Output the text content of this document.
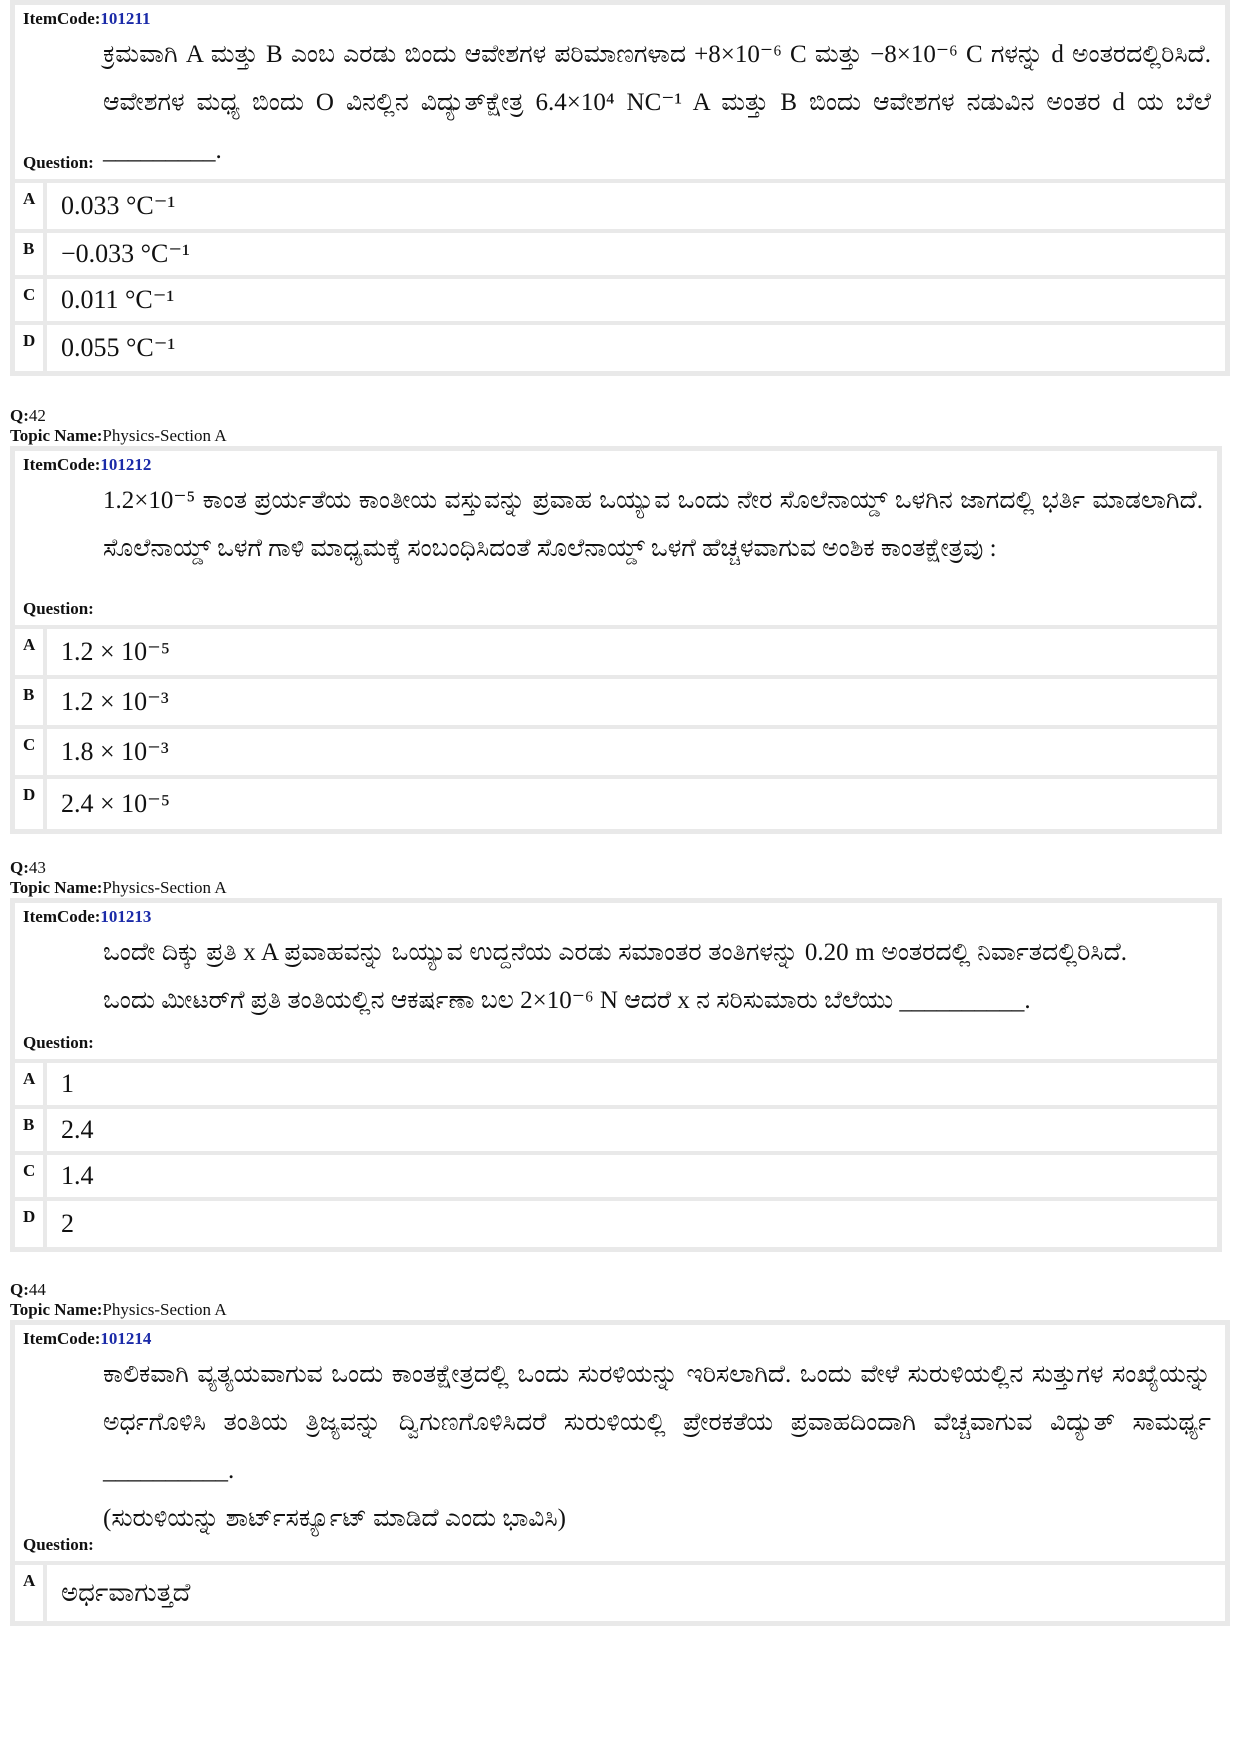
ItemCode:101211
ಕ್ರಮವಾಗಿ A ಮತ್ತು B ಎಂಬ ಎರಡು ಬಿಂದು ಆವೇಶಗಳ ಪರಿಮಾಣಗಳಾದ +8×10⁻⁶ C ಮತ್ತು −8×10⁻⁶ C ಗಳನ್ನು d ಅಂತರದಲ್ಲಿರಿಸಿದೆ. ಆವೇಶಗಳ ಮಧ್ಯ ಬಿಂದು O ವಿನಲ್ಲಿನ ವಿದ್ಯುತ್‌ಕ್ಷೇತ್ರ 6.4×10⁴ NC⁻¹ A ಮತ್ತು B ಬಿಂದು ಆವೇಶಗಳ ನಡುವಿನ ಅಂತರ d ಯ ಬೆಲೆ _________.
Question:
A 0.033 °C⁻¹
B	−0.033 °C⁻¹
C 0.011 °C⁻¹
D 0.055 °C⁻¹
Q:42
Topic Name:Physics-Section A
ItemCode:101212
1.2×10⁻⁵ ಕಾಂತ ಪ್ರರ್ಯತೆಯ ಕಾಂತೀಯ ವಸ್ತುವನ್ನು ಪ್ರವಾಹ ಒಯ್ಯುವ ಒಂದು ನೇರ ಸೊಲೆನಾಯ್ಡ್ ಒಳಗಿನ ಜಾಗದಲ್ಲಿ ಭರ್ತಿ ಮಾಡಲಾಗಿದೆ. ಸೊಲೆನಾಯ್ಡ್ ಒಳಗೆ ಗಾಳಿ ಮಾಧ್ಯಮಕ್ಕೆ ಸಂಬಂಧಿಸಿದಂತೆ ಸೊಲೆನಾಯ್ಡ್ ಒಳಗೆ ಹೆಚ್ಚಳವಾಗುವ ಅಂಶಿಕ ಕಾಂತಕ್ಷೇತ್ರವು :
Question:
A 1.2 × 10⁻⁵
B	1.2 × 10⁻³
C 1.8 × 10⁻³
D 2.4 × 10⁻⁵
Q:43
Topic Name:Physics-Section A
ItemCode:101213
ಒಂದೇ ದಿಕ್ಕು ಪ್ರತಿ x A ಪ್ರವಾಹವನ್ನು ಒಯ್ಯುವ ಉದ್ದನೆಯ ಎರಡು ಸಮಾಂತರ ತಂತಿಗಳನ್ನು 0.20 m ಅಂತರದಲ್ಲಿ ನಿರ್ವಾತದಲ್ಲಿರಿಸಿದೆ. ಒಂದು ಮೀಟರ್‌ಗೆ ಪ್ರತಿ ತಂತಿಯಲ್ಲಿನ ಆಕರ್ಷಣಾ ಬಲ 2×10⁻⁶ N ಆದರೆ x ನ ಸರಿಸುಮಾರು ಬೆಲೆಯು __________.
Question:
A 1
B	2.4
C 1.4
D 2
Q:44
Topic Name:Physics-Section A
ItemCode:101214
ಕಾಲಿಕವಾಗಿ ವ್ಯತ್ಯಯವಾಗುವ ಒಂದು ಕಾಂತಕ್ಷೇತ್ರದಲ್ಲಿ ಒಂದು ಸುರಳಿಯನ್ನು ಇರಿಸಲಾಗಿದೆ. ಒಂದು ವೇಳೆ ಸುರುಳಿಯಲ್ಲಿನ ಸುತ್ತುಗಳ ಸಂಖ್ಯೆಯನ್ನು ಅರ್ಧಗೊಳಿಸಿ ತಂತಿಯ ತ್ರಿಜ್ಯವನ್ನು ದ್ವಿಗುಣಗೊಳಿಸಿದರೆ ಸುರುಳಿಯಲ್ಲಿ ಪ್ರೇರಕತೆಯ ಪ್ರವಾಹದಿಂದಾಗಿ ವೆಚ್ಚವಾಗುವ ವಿದ್ಯುತ್ ಸಾಮರ್ಥ್ಯ __________.
(ಸುರುಳಿಯನ್ನು ಶಾರ್ಟ್‌ಸರ್ಕ್ಯೂಟ್ ಮಾಡಿದೆ ಎಂದು ಭಾವಿಸಿ)
Question:
A ಅರ್ಧವಾಗುತ್ತದೆ
